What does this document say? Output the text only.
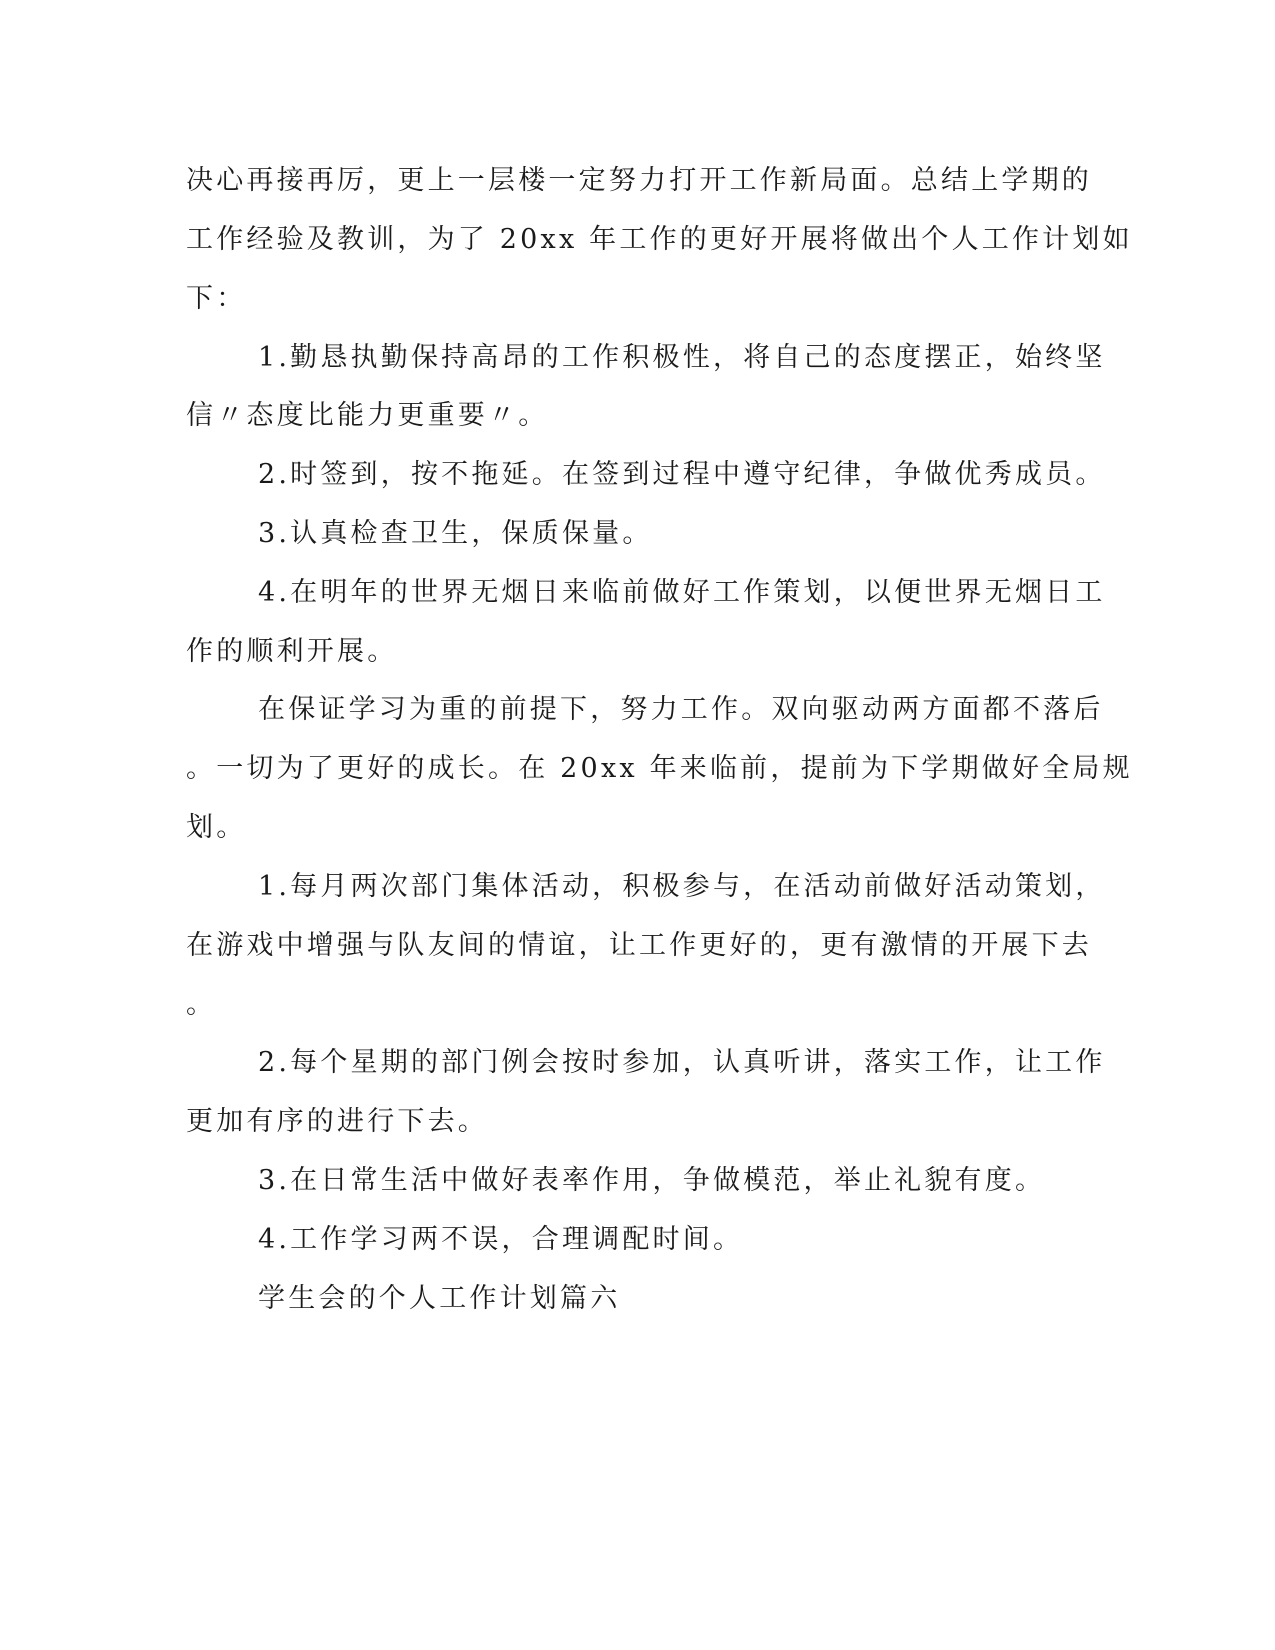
决心再接再厉，更上一层楼一定努力打开工作新局面。总结上学期的
工作经验及教训，为了 20xx 年工作的更好开展将做出个人工作计划如
下：
1.勤恳执勤保持高昂的工作积极性，将自己的态度摆正，始终坚
信〃态度比能力更重要〃。
2.时签到，按不拖延。在签到过程中遵守纪律，争做优秀成员。
3.认真检查卫生，保质保量。
4.在明年的世界无烟日来临前做好工作策划，以便世界无烟日工
作的顺利开展。
在保证学习为重的前提下，努力工作。双向驱动两方面都不落后
。一切为了更好的成长。在 20xx 年来临前，提前为下学期做好全局规
划。
1.每月两次部门集体活动，积极参与，在活动前做好活动策划，
在游戏中增强与队友间的情谊，让工作更好的，更有激情的开展下去
。
2.每个星期的部门例会按时参加，认真听讲，落实工作，让工作
更加有序的进行下去。
3.在日常生活中做好表率作用，争做模范，举止礼貌有度。
4.工作学习两不误，合理调配时间。
学生会的个人工作计划篇六
